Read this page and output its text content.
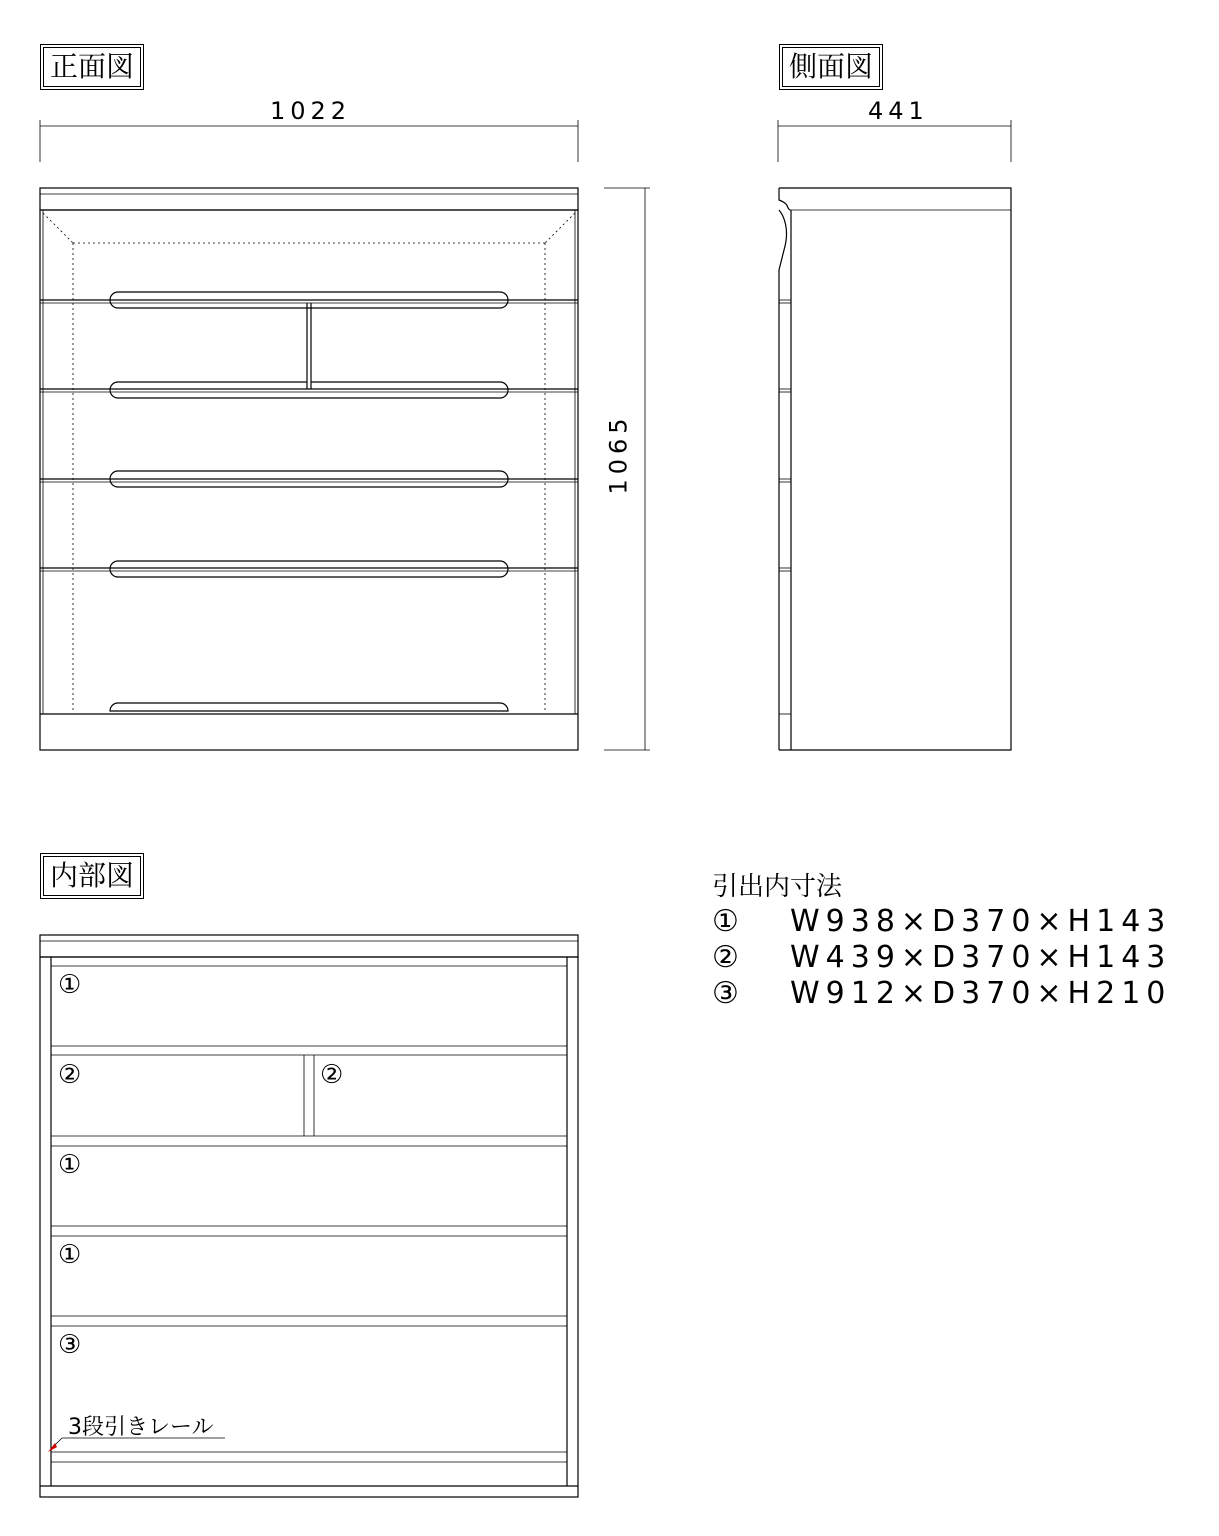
正面図	側面図
内部図
1022	441
1065
①
②	②
①
①
③
3段引きレール
引出内寸法
① W938×D370×H143
② W439×D370×H143
③ W912×D370×H210
